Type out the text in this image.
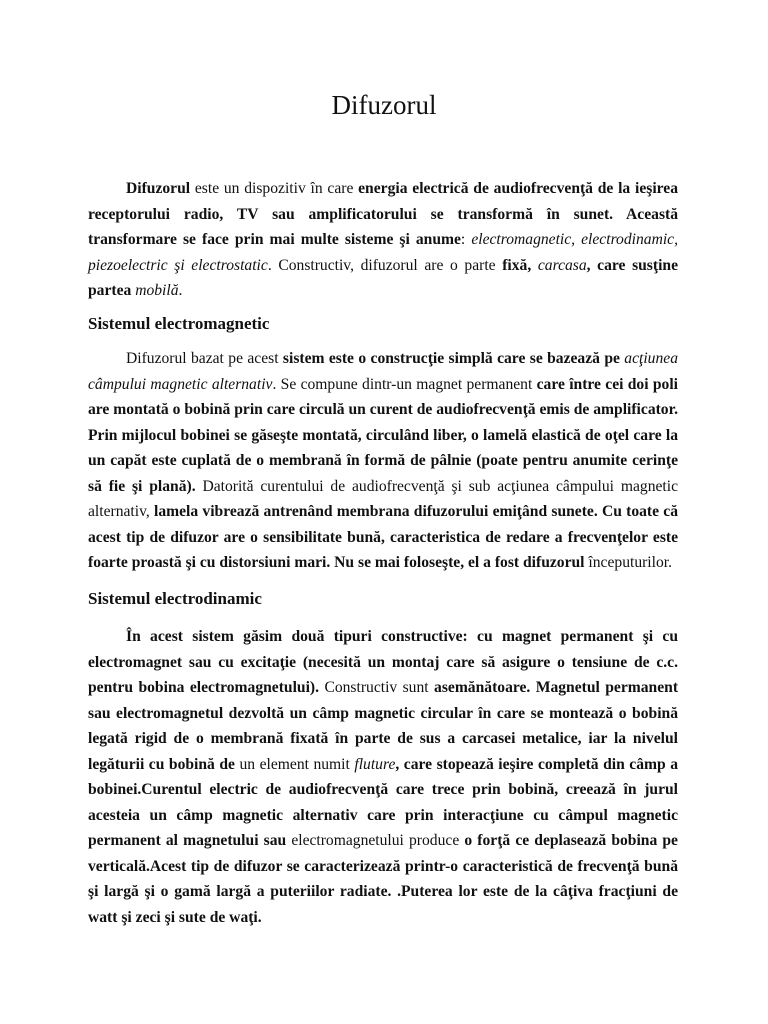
Difuzorul

Difuzorul este un dispozitiv în care energia electrică de audiofrecvenţă de la ieşirea receptorului radio, TV sau amplificatorului se transformă în sunet. Această transformare se face prin mai multe sisteme şi anume: electromagnetic, electrodinamic, piezoelectric şi electrostatic. Constructiv, difuzorul are o parte fixă, carcasa, care susţine partea mobilă.

Sistemul electromagnetic

Difuzorul bazat pe acest sistem este o construcţie simplă care se bazează pe acţiunea câmpului magnetic alternativ. Se compune dintr-un magnet permanent care între cei doi poli are montată o bobină prin care circulă un curent de audiofrecvenţă emis de amplificator. Prin mijlocul bobinei se găseşte montată, circulând liber, o lamelă elastică de oţel care la un capăt este cuplată de o membrană în formă de pâlnie (poate pentru anumite cerinţe să fie şi plană). Datorită curentului de audiofrecvenţă şi sub acţiunea câmpului magnetic alternativ, lamela vibrează antrenând membrana difuzorului emiţând sunete. Cu toate că acest tip de difuzor are o sensibilitate bună, caracteristica de redare a frecvenţelor este foarte proastă şi cu distorsiuni mari. Nu se mai foloseşte, el a fost difuzorul începuturilor.

Sistemul electrodinamic

În acest sistem găsim două tipuri constructive: cu magnet permanent şi cu electromagnet sau cu excitaţie (necesită un montaj care să asigure o tensiune de c.c. pentru bobina electromagnetului). Constructiv sunt asemănătoare. Magnetul permanent sau electromagnetul dezvoltă un câmp magnetic circular în care se montează o bobină legată rigid de o membrană fixată în parte de sus a carcasei metalice, iar la nivelul legăturii cu bobină de un element numit fluture, care stopează ieşire completă din câmp a bobinei.Curentul electric de audiofrecvenţă care trece prin bobină, creează în jurul acesteia un câmp magnetic alternativ care prin interacţiune cu câmpul magnetic permanent al magnetului sau electromagnetului produce o forţă ce deplasează bobina pe verticală.Acest tip de difuzor se caracterizează printr-o caracteristică de frecvenţă bună şi largă şi o gamă largă a puteriilor radiate. .Puterea lor este de la câţiva fracţiuni de watt şi zeci şi sute de waţi.
